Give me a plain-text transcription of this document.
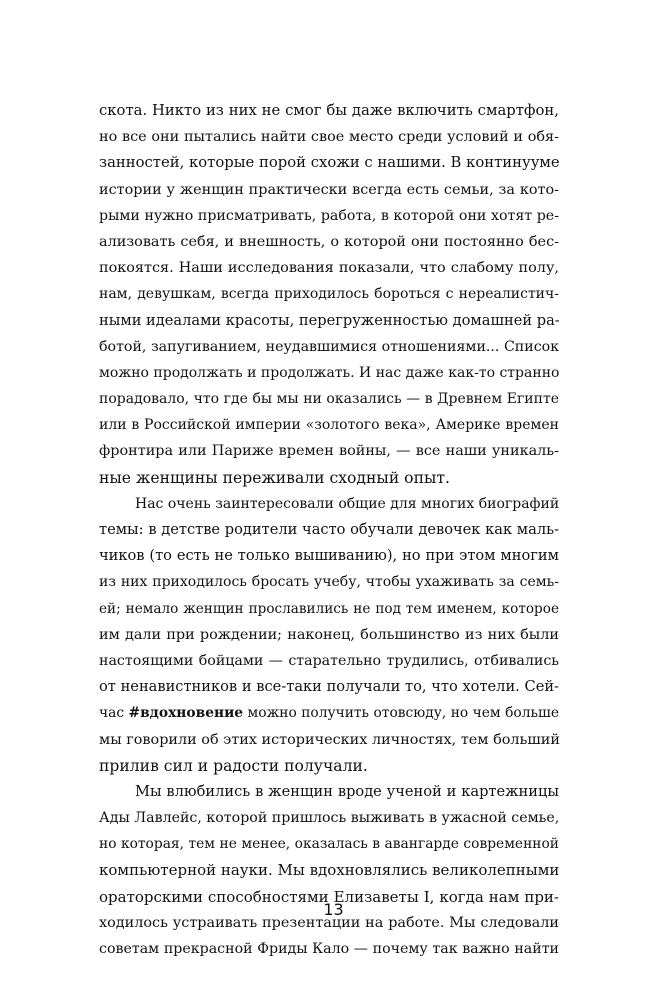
скота. Никто из них не смог бы даже включить смартфон,
но все они пытались найти свое место среди условий и обя-
занностей, которые порой схожи с нашими. В континууме
истории у женщин практически всегда есть семьи, за кото-
рыми нужно присматривать, работа, в которой они хотят ре-
ализовать себя, и внешность, о которой они постоянно бес-
покоятся. Наши исследования показали, что слабому полу,
нам, девушкам, всегда приходилось бороться с нереалистич-
ными идеалами красоты, перегруженностью домашней ра-
ботой, запугиванием, неудавшимися отношениями... Список
можно продолжать и продолжать. И нас даже как-то странно
порадовало, что где бы мы ни оказались — в Древнем Египте
или в Российской империи «золотого века», Америке времен
фронтира или Париже времен войны, — все наши уникаль-
ные женщины переживали сходный опыт.
Нас очень заинтересовали общие для многих биографий
темы: в детстве родители часто обучали девочек как маль-
чиков (то есть не только вышиванию), но при этом многим
из них приходилось бросать учебу, чтобы ухаживать за семь-
ей; немало женщин прославились не под тем именем, которое
им дали при рождении; наконец, большинство из них были
настоящими бойцами — старательно трудились, отбивались
от ненавистников и все-таки получали то, что хотели. Сей-
час #вдохновение можно получить отовсюду, но чем больше
мы говорили об этих исторических личностях, тем больший
прилив сил и радости получали.
Мы влюбились в женщин вроде ученой и картежницы
Ады Лавлейс, которой пришлось выживать в ужасной семье,
но которая, тем не менее, оказалась в авангарде современной
компьютерной науки. Мы вдохновлялись великолепными
ораторскими способностями Елизаветы I, когда нам при-
ходилось устраивать презентации на работе. Мы следовали
советам прекрасной Фриды Кало — почему так важно найти
13
